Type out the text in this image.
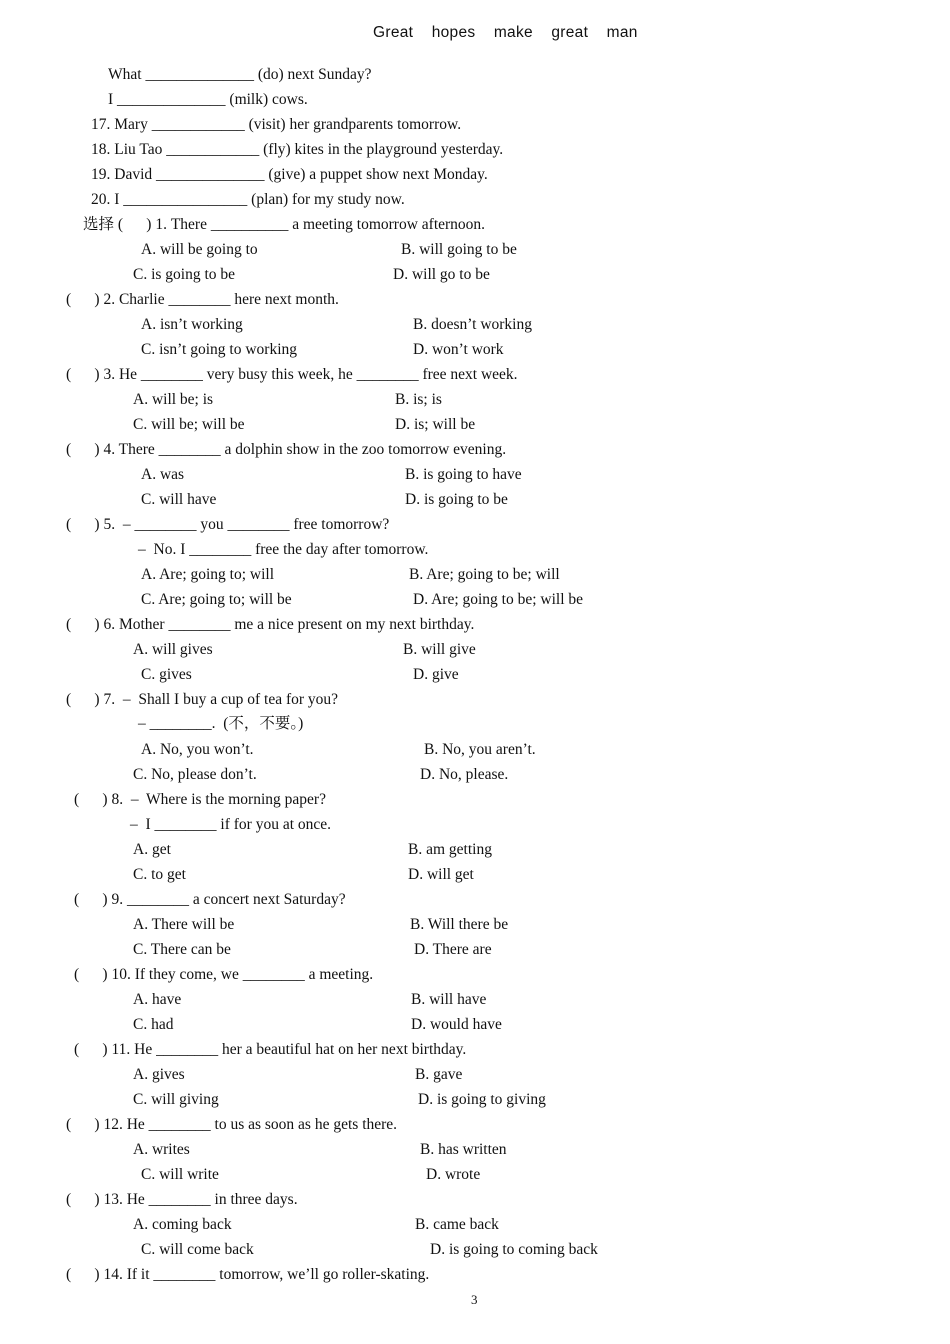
Great    hopes    make    great    man
What ______________ (do) next Sunday?
I ______________ (milk) cows.
17. Mary ____________ (visit) her grandparents tomorrow.
18. Liu Tao ____________ (fly) kites in the playground yesterday.
19. David ______________ (give) a puppet show next Monday.
20. I ________________ (plan) for my study now.
选择 (      ) 1. There __________ a meeting tomorrow afternoon.
A. will be going to	B. will going to be
C. is going to be	D. will go to be
(      ) 2. Charlie ________ here next month.
A. isn’t working	B. doesn’t working
C. isn’t going to working	D. won’t work
(      ) 3. He ________ very busy this week, he ________ free next week.
A. will be; is	B. is; is
C. will be; will be	D. is; will be
(      ) 4. There ________ a dolphin show in the zoo tomorrow evening.
A. was	B. is going to have
C. will have	D. is going to be
(      ) 5.  – ________ you ________ free tomorrow?
–  No. I ________ free the day after tomorrow.
A. Are; going to; will	B. Are; going to be; will
C. Are; going to; will be	D. Are; going to be; will be
(      ) 6. Mother ________ me a nice present on my next birthday.
A. will gives	B. will give
C. gives	D. give
(      ) 7.  –  Shall I buy a cup of tea for you?
– ________.  (不，不要。)
A. No, you won’t.	B. No, you aren’t.
C. No, please don’t.	D. No, please.
(      ) 8.  –  Where is the morning paper?
–  I ________ if for you at once.
A. get	B. am getting
C. to get	D. will get
(      ) 9. ________ a concert next Saturday?
A. There will be	B. Will there be
C. There can be	D. There are
(      ) 10. If they come, we ________ a meeting.
A. have	B. will have
C. had	D. would have
(      ) 11. He ________ her a beautiful hat on her next birthday.
A. gives	B. gave
C. will giving	D. is going to giving
(      ) 12. He ________ to us as soon as he gets there.
A. writes	B. has written
C. will write	D. wrote
(      ) 13. He ________ in three days.
A. coming back	B. came back
C. will come back	D. is going to coming back
(      ) 14. If it ________ tomorrow, we’ll go roller-skating.
3
